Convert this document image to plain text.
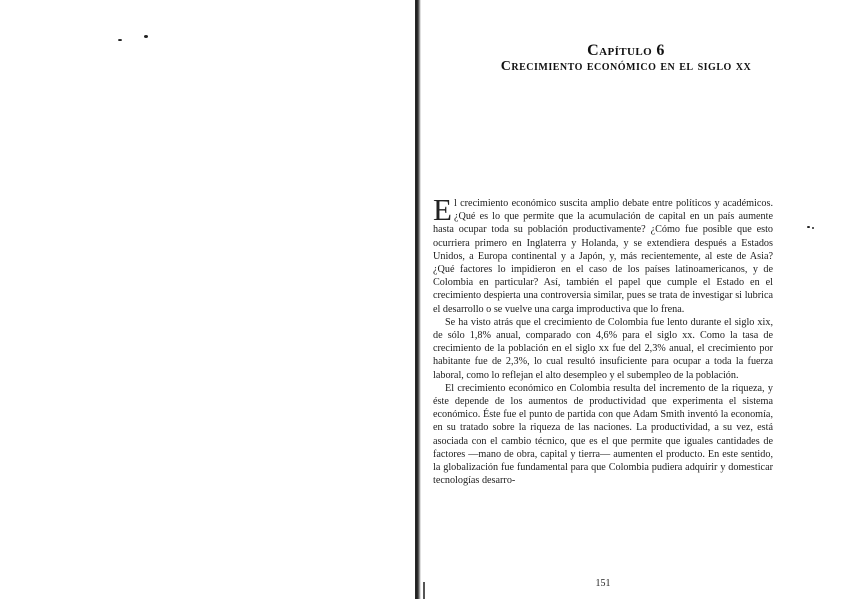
Capítulo 6
Crecimiento económico en el siglo xx

El crecimiento económico suscita amplio debate entre políticos y académicos. ¿Qué es lo que permite que la acumulación de capital en un país aumente hasta ocupar toda su población productivamente? ¿Cómo fue posible que esto ocurriera primero en Inglaterra y Holanda, y se extendiera después a Estados Unidos, a Europa continental y a Japón, y, más recientemente, al este de Asia? ¿Qué factores lo impidieron en el caso de los países latinoamericanos, y de Colombia en particular? Así, también el papel que cumple el Estado en el crecimiento despierta una controversia similar, pues se trata de investigar si lubrica el desarrollo o se vuelve una carga improductiva que lo frena.

Se ha visto atrás que el crecimiento de Colombia fue lento durante el siglo xix, de sólo 1,8% anual, comparado con 4,6% para el siglo xx. Como la tasa de crecimiento de la población en el siglo xx fue del 2,3% anual, el crecimiento por habitante fue de 2,3%, lo cual resultó insuficiente para ocupar a toda la fuerza laboral, como lo reflejan el alto desempleo y el subempleo de la población.

El crecimiento económico en Colombia resulta del incremento de la riqueza, y éste depende de los aumentos de productividad que experimenta el sistema económico. Éste fue el punto de partida con que Adam Smith inventó la economía, en su tratado sobre la riqueza de las naciones. La productividad, a su vez, está asociada con el cambio técnico, que es el que permite que iguales cantidades de factores —mano de obra, capital y tierra— aumenten el producto. En este sentido, la globalización fue fundamental para que Colombia pudiera adquirir y domesticar tecnologías desarro-

151
